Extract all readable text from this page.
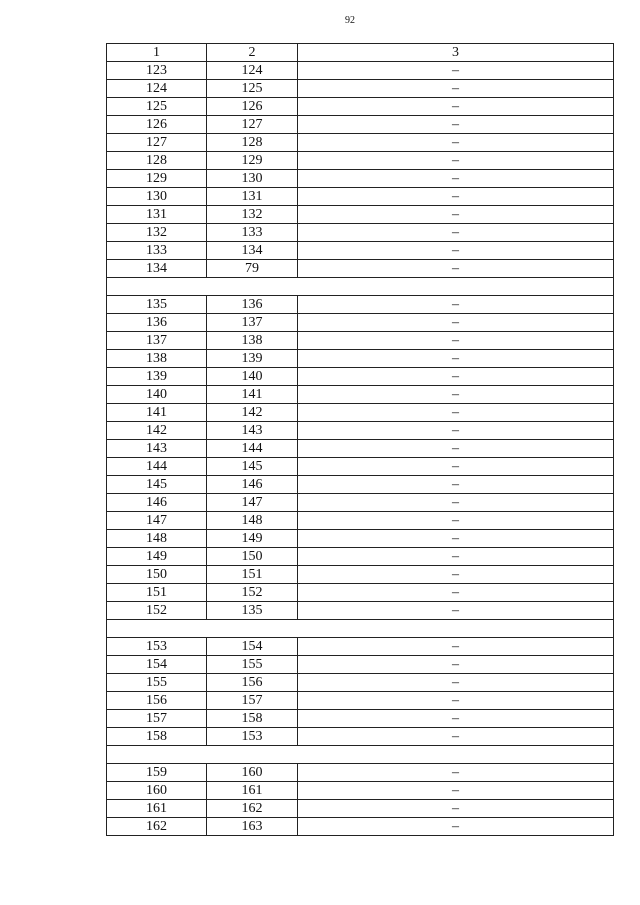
92
1	2	3
123	124	–
124	125	–
125	126	–
126	127	–
127	128	–
128	129	–
129	130	–
130	131	–
131	132	–
132	133	–
133	134	–
134	79	–

135	136	–
136	137	–
137	138	–
138	139	–
139	140	–
140	141	–
141	142	–
142	143	–
143	144	–
144	145	–
145	146	–
146	147	–
147	148	–
148	149	–
149	150	–
150	151	–
151	152	–
152	135	–

153	154	–
154	155	–
155	156	–
156	157	–
157	158	–
158	153	–

159	160	–
160	161	–
161	162	–
162	163	–
